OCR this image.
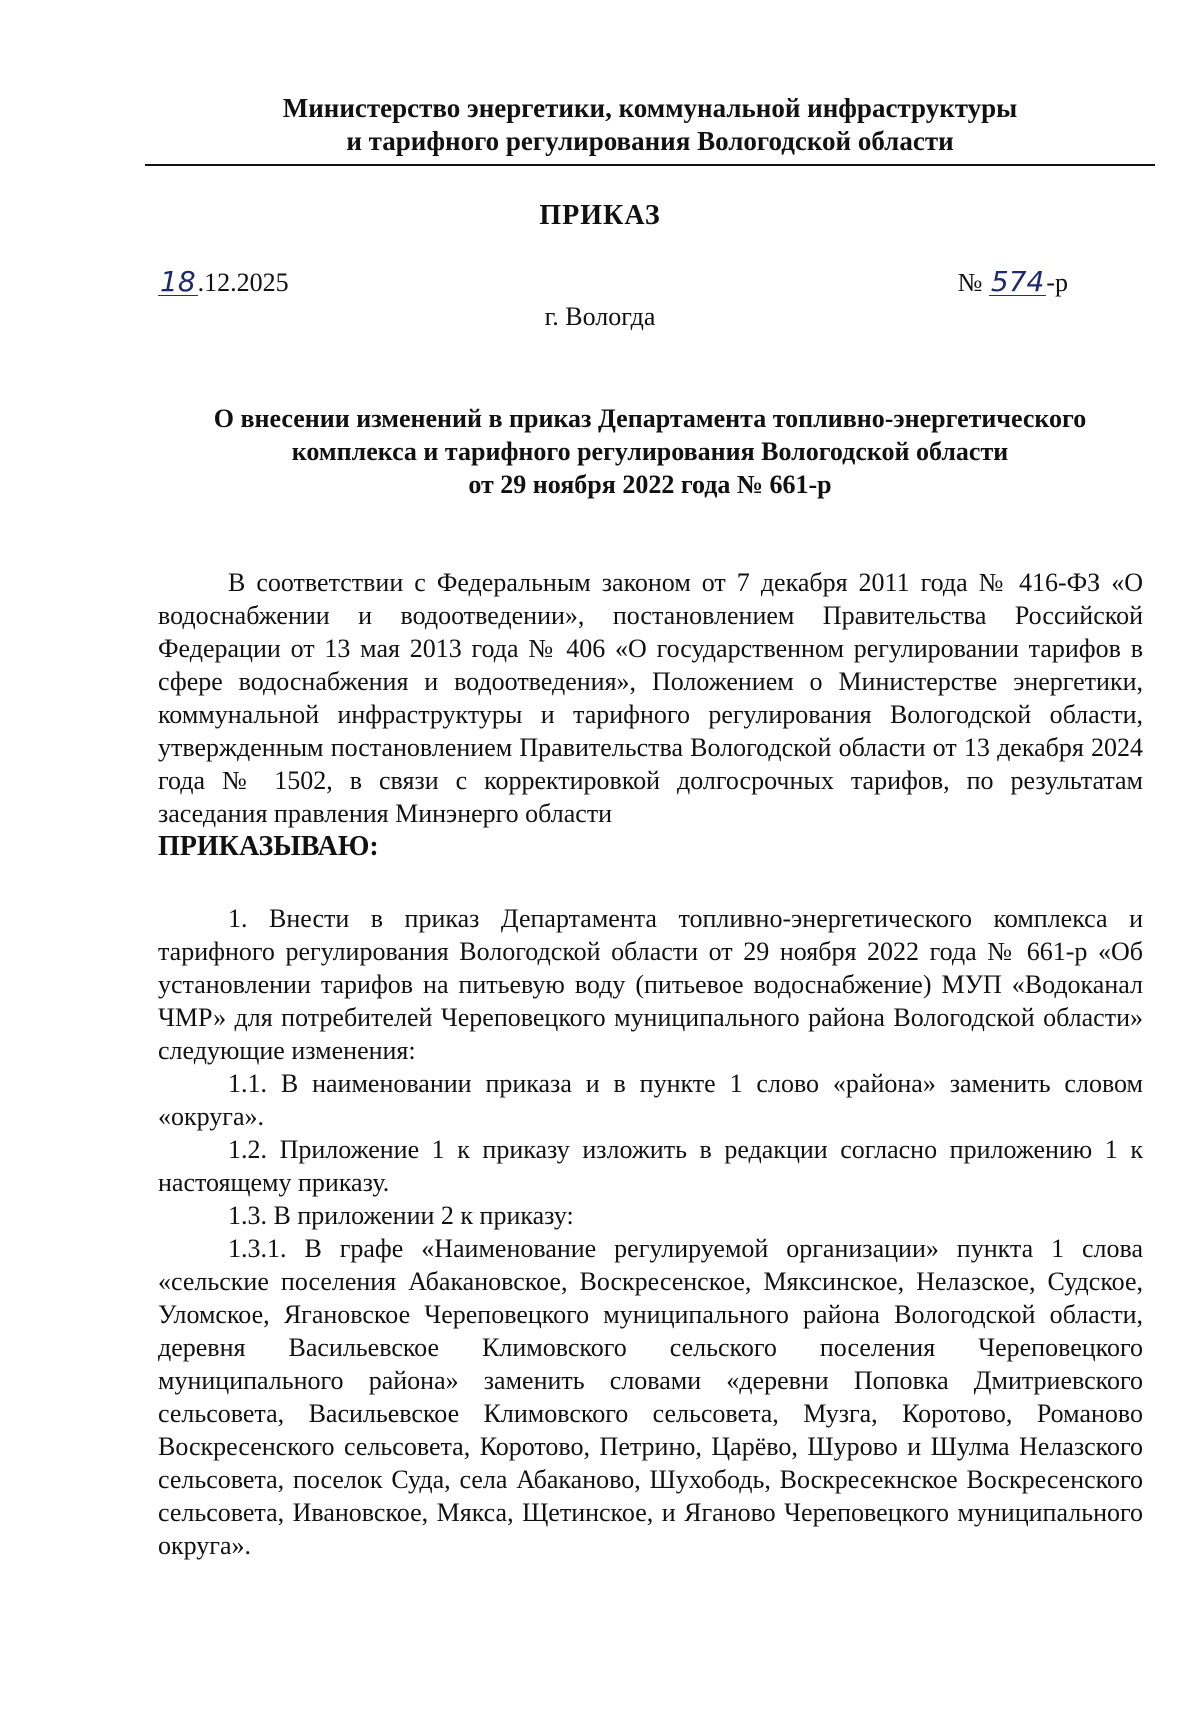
Министерство энергетики, коммунальной инфраструктуры
и тарифного регулирования Вологодской области
ПРИКАЗ
18.12.2025	№ 574-р
г. Вологда
О внесении изменений в приказ Департамента топливно-энергетического
комплекса и тарифного регулирования Вологодской области
от 29 ноября 2022 года № 661-р

В соответствии с Федеральным законом от 7 декабря 2011 года № 416-ФЗ «О водоснабжении и водоотведении», постановлением Правительства Российской Федерации от 13 мая 2013 года № 406 «О государственном регулировании тарифов в сфере водоснабжения и водоотведения», Положением о Министерстве энергетики, коммунальной инфраструктуры и тарифного регулирования Вологодской области, утвержденным постановлением Правительства Вологодской области от 13 декабря 2024 года № 1502, в связи с корректировкой долгосрочных тарифов, по результатам заседания правления Минэнерго области

ПРИКАЗЫВАЮ:

1. Внести в приказ Департамента топливно-энергетического комплекса и тарифного регулирования Вологодской области от 29 ноября 2022 года № 661-р «Об установлении тарифов на питьевую воду (питьевое водоснабжение) МУП «Водоканал ЧМР» для потребителей Череповецкого муниципального района Вологодской области» следующие изменения:

1.1. В наименовании приказа и в пункте 1 слово «района» заменить словом «округа».

1.2. Приложение 1 к приказу изложить в редакции согласно приложению 1 к настоящему приказу.

1.3. В приложении 2 к приказу:

1.3.1. В графе «Наименование регулируемой организации» пункта 1 слова «сельские поселения Абакановское, Воскресенское, Мяксинское, Нелазское, Судское, Уломское, Ягановское Череповецкого муниципального района Вологодской области, деревня Васильевское Климовского сельского поселения Череповецкого муниципального района» заменить словами «деревни Поповка Дмитриевского сельсовета, Васильевское Климовского сельсовета, Музга, Коротово, Романово Воскресенского сельсовета, Коротово, Петрино, Царёво, Шурово и Шулма Нелазского сельсовета, поселок Суда, села Абаканово, Шухободь, Воскресекнское Воскресенского сельсовета, Ивановское, Мякса, Щетинское, и Яганово Череповецкого муниципального округа».
